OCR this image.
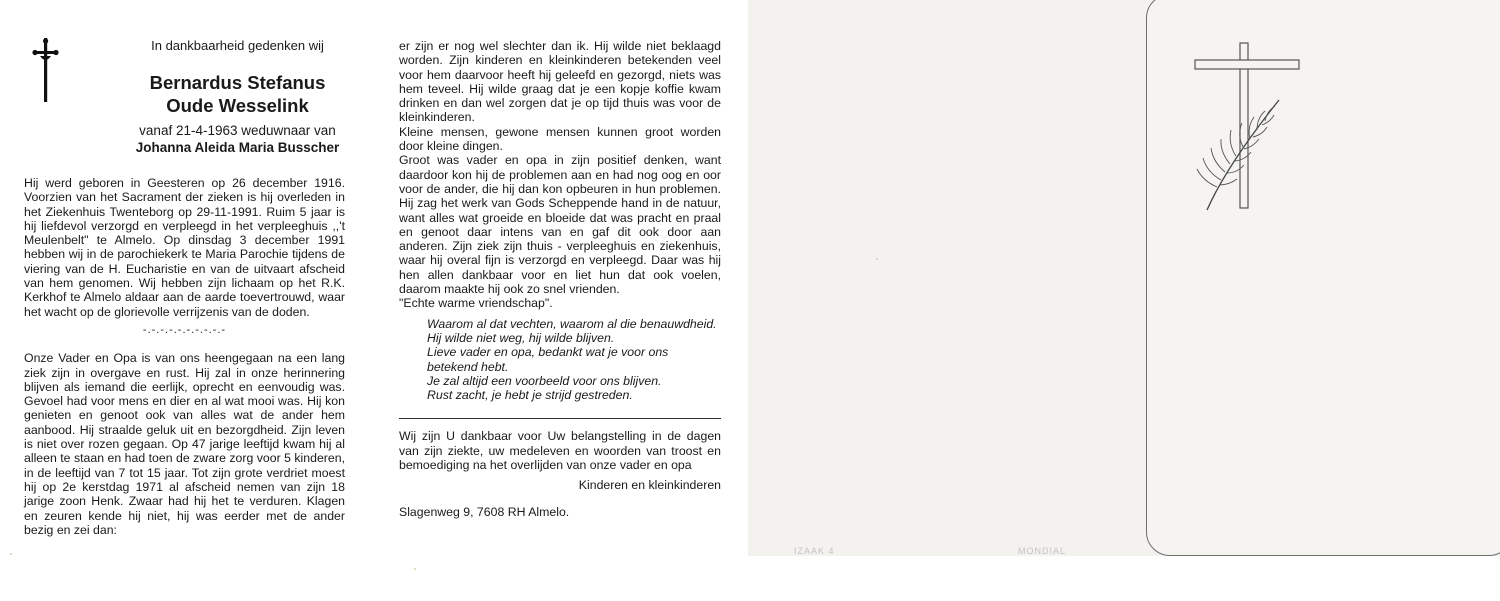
In dankbaarheid gedenken wij
Bernardus Stefanus
Oude Wesselink
vanaf 21-4-1963 weduwnaar van
Johanna Aleida Maria Busscher

Hij werd geboren in Geesteren op 26 december 1916. Voorzien van het Sacrament der zieken is hij overleden in het Ziekenhuis Twenteborg op 29-11-1991. Ruim 5 jaar is hij liefdevol verzorgd en verpleegd in het verpleeghuis ,,'t Meulenbelt" te Almelo. Op dinsdag 3 december 1991 hebben wij in de parochiekerk te Maria Parochie tijdens de viering van de H. Eucharistie en van de uitvaart afscheid van hem genomen. Wij hebben zijn lichaam op het R.K. Kerkhof te Almelo aldaar aan de aarde toevertrouwd, waar het wacht op de glorievolle verrijzenis van de doden.

-.-.-.-.-.-.-.-.-.-

Onze Vader en Opa is van ons heengegaan na een lang ziek zijn in overgave en rust. Hij zal in onze herinnering blijven als iemand die eerlijk, oprecht en eenvoudig was. Gevoel had voor mens en dier en al wat mooi was. Hij kon genieten en genoot ook van alles wat de ander hem aanbood. Hij straalde geluk uit en bezorgdheid. Zijn leven is niet over rozen gegaan. Op 47 jarige leeftijd kwam hij al alleen te staan en had toen de zware zorg voor 5 kinderen, in de leeftijd van 7 tot 15 jaar. Tot zijn grote verdriet moest hij op 2e kerstdag 1971 al afscheid nemen van zijn 18 jarige zoon Henk. Zwaar had hij het te verduren. Klagen en zeuren kende hij niet, hij was eerder met de ander bezig en zei dan:

er zijn er nog wel slechter dan ik. Hij wilde niet beklaagd worden. Zijn kinderen en kleinkinderen betekenden veel voor hem daarvoor heeft hij geleefd en gezorgd, niets was hem teveel. Hij wilde graag dat je een kopje koffie kwam drinken en dan wel zorgen dat je op tijd thuis was voor de kleinkinderen.

Kleine mensen, gewone mensen kunnen groot worden door kleine dingen.

Groot was vader en opa in zijn positief denken, want daardoor kon hij de problemen aan en had nog oog en oor voor de ander, die hij dan kon opbeuren in hun problemen. Hij zag het werk van Gods Scheppende hand in de natuur, want alles wat groeide en bloeide dat was pracht en praal en genoot daar intens van en gaf dit ook door aan anderen. Zijn ziek zijn thuis - verpleeghuis en ziekenhuis, waar hij overal fijn is verzorgd en verpleegd. Daar was hij hen allen dankbaar voor en liet hun dat ook voelen, daarom maakte hij ook zo snel vrienden.

"Echte warme vriendschap".

Waarom al dat vechten, waarom al die benauwdheid.
Hij wilde niet weg, hij wilde blijven.
Lieve vader en opa, bedankt wat je voor ons betekend hebt.
Je zal altijd een voorbeeld voor ons blijven.
Rust zacht, je hebt je strijd gestreden.

Wij zijn U dankbaar voor Uw belangstelling in de dagen van zijn ziekte, uw medeleven en woorden van troost en bemoediging na het overlijden van onze vader en opa

Kinderen en kleinkinderen
Slagenweg 9, 7608 RH Almelo.
IZAAK 4	MONDIAL
